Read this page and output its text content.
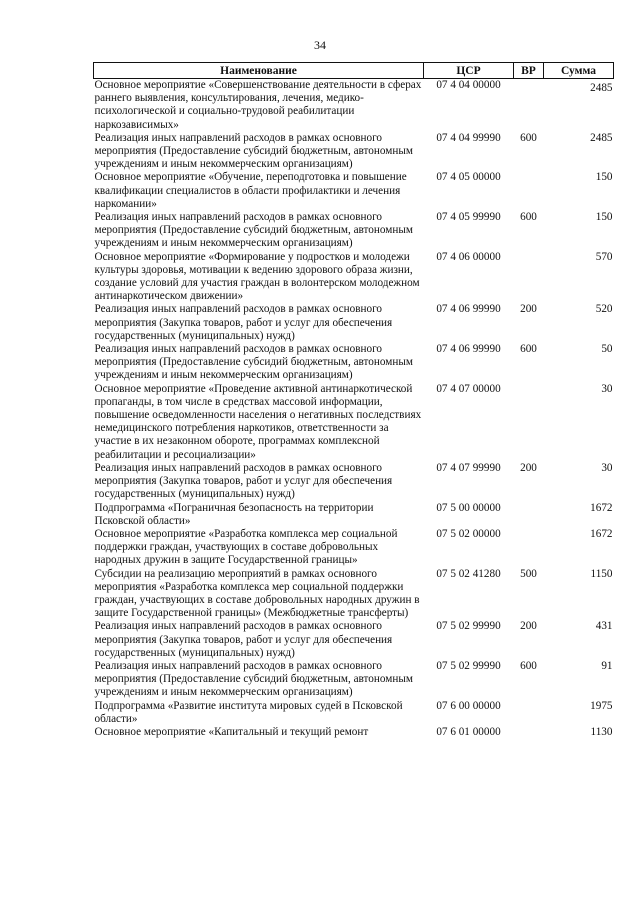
34
Наименование	ЦСР	ВР	Сумма
Основное мероприятие «Совершенствование деятельности в сферах раннего выявления, консультирования, лечения, медико-психологической и социально-трудовой реабилитации наркозависимых»	07 4 04 00000		2485
Реализация иных направлений расходов в рамках основного мероприятия (Предоставление субсидий бюджетным, автономным учреждениям и иным некоммерческим организациям)	07 4 04 99990	600	2485
Основное мероприятие «Обучение, переподготовка и повышение квалификации специалистов в области профилактики и лечения наркомании»	07 4 05 00000		150
Реализация иных направлений расходов в рамках основного мероприятия (Предоставление субсидий бюджетным, автономным учреждениям и иным некоммерческим организациям)	07 4 05 99990	600	150
Основное мероприятие «Формирование у подростков и молодежи культуры здоровья, мотивации к ведению здорового образа жизни, создание условий для участия граждан в волонтерском молодежном антинаркотическом движении»	07 4 06 00000		570
Реализация иных направлений расходов в рамках основного мероприятия (Закупка товаров, работ и услуг для обеспечения государственных (муниципальных) нужд)	07 4 06 99990	200	520
Реализация иных направлений расходов в рамках основного мероприятия (Предоставление субсидий бюджетным, автономным учреждениям и иным некоммерческим организациям)	07 4 06 99990	600	50
Основное мероприятие «Проведение активной антинаркотической пропаганды, в том числе в средствах массовой информации, повышение осведомленности населения о негативных последствиях немедицинского потребления наркотиков, ответственности за участие в их незаконном обороте, программах комплексной реабилитации и ресоциализации»	07 4 07 00000		30
Реализация иных направлений расходов в рамках основного мероприятия (Закупка товаров, работ и услуг для обеспечения государственных (муниципальных) нужд)	07 4 07 99990	200	30
Подпрограмма «Пограничная безопасность на территории Псковской области»	07 5 00 00000		1672
Основное мероприятие «Разработка комплекса мер социальной поддержки граждан, участвующих в составе добровольных народных дружин в защите Государственной границы»	07 5 02 00000		1672
Субсидии на реализацию мероприятий в рамках основного мероприятия «Разработка комплекса мер социальной поддержки граждан, участвующих в составе добровольных народных дружин в защите Государственной границы» (Межбюджетные трансферты)	07 5 02 41280	500	1150
Реализация иных направлений расходов в рамках основного мероприятия (Закупка товаров, работ и услуг для обеспечения государственных (муниципальных) нужд)	07 5 02 99990	200	431
Реализация иных направлений расходов в рамках основного мероприятия (Предоставление субсидий бюджетным, автономным учреждениям и иным некоммерческим организациям)	07 5 02 99990	600	91
Подпрограмма «Развитие института мировых судей в Псковской области»	07 6 00 00000		1975
Основное мероприятие «Капитальный и текущий ремонт	07 6 01 00000		1130
